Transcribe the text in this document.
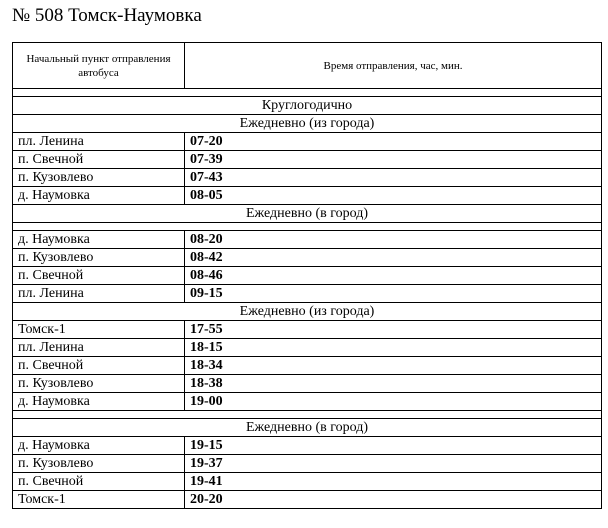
№ 508 Томск-Наумовка
Начальный пункт отправления автобуса	Время отправления, час, мин.

Круглогодично	
Ежедневно (из города)	
пл. Ленина	07-20
п. Свечной	07-39
п. Кузовлево	07-43
д. Наумовка	08-05
Ежедневно (в город)	

д. Наумовка	08-20
п. Кузовлево	08-42
п. Свечной	08-46
пл. Ленина	09-15
Ежедневно (из города)	
Томск-1	17-55
пл. Ленина	18-15
п. Свечной	18-34
п. Кузовлево	18-38
д. Наумовка	19-00

Ежедневно (в город)	
д. Наумовка	19-15
п. Кузовлево	19-37
п. Свечной	19-41
Томск-1	20-20
